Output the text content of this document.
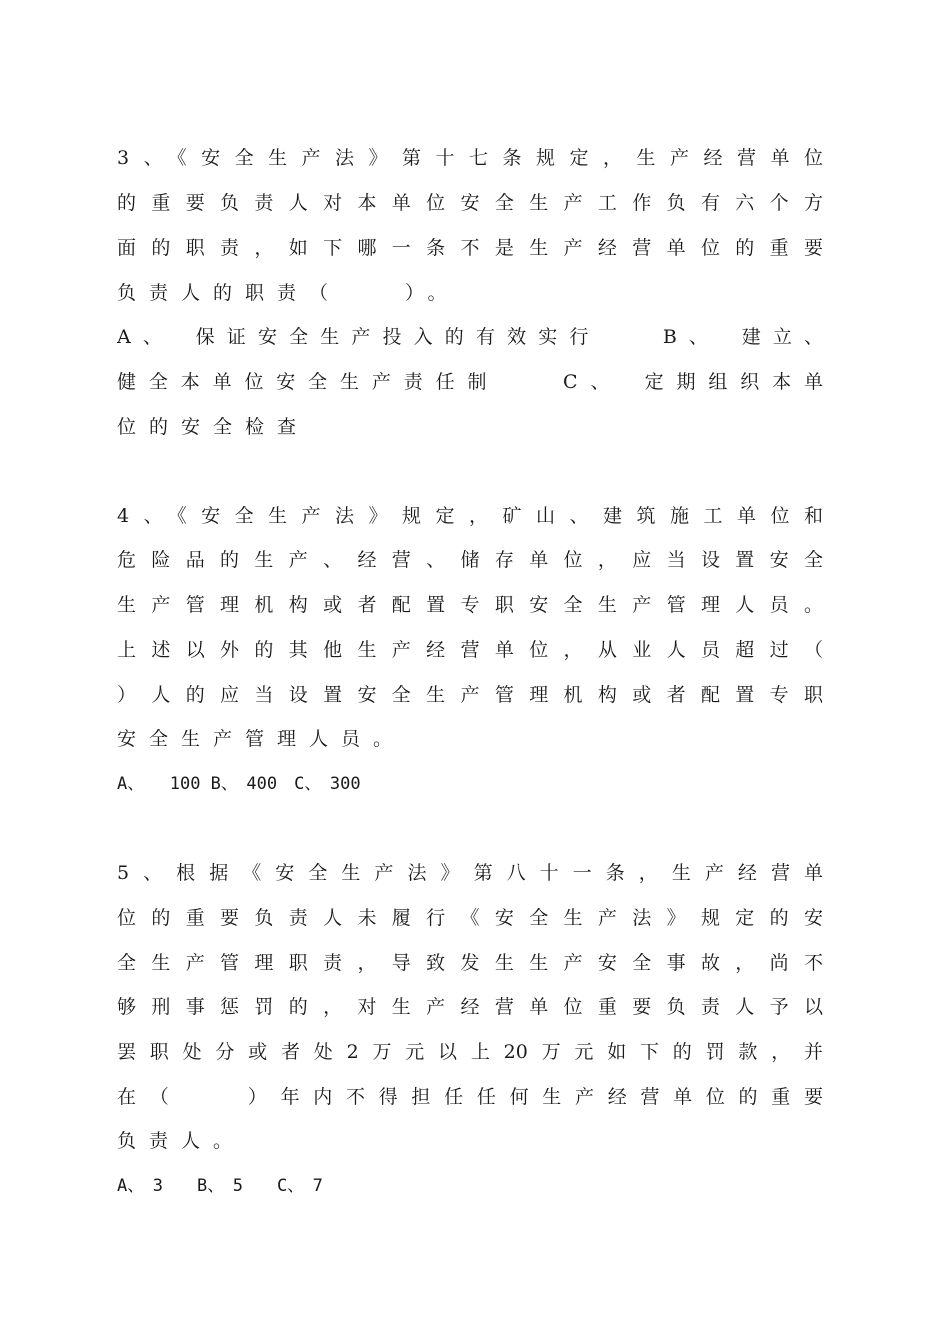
3、《安全生产法》第十七条规定，生产经营单位
的重要负责人对本单位安全生产工作负有六个方
面的职责，如下哪一条不是生产经营单位的重要
负责人的职责（　　）。
A、　保证安全生产投入的有效实行　　B、　建立、
健全本单位安全生产责任制　　C、　定期组织本单
位的安全检查
4、《安全生产法》规定，矿山、建筑施工单位和
危险品的生产、经营、储存单位，应当设置安全
生产管理机构或者配置专职安全生产管理人员。
上述以外的其他生产经营单位，从业人员超过（
）人的应当设置安全生产管理机构或者配置专职
安全生产管理人员。
A、　　100 B、　400　C、　300
5、根据《安全生产法》第八十一条，生产经营单
位的重要负责人未履行《安全生产法》规定的安
全生产管理职责，导致发生生产安全事故，尚不
够刑事惩罚的，对生产经营单位重要负责人予以
罢职处分或者处2万元以上20万元如下的罚款，并
在（　　）年内不得担任任何生产经营单位的重要
负责人。
A、　3　　B、　5　　C、　7
